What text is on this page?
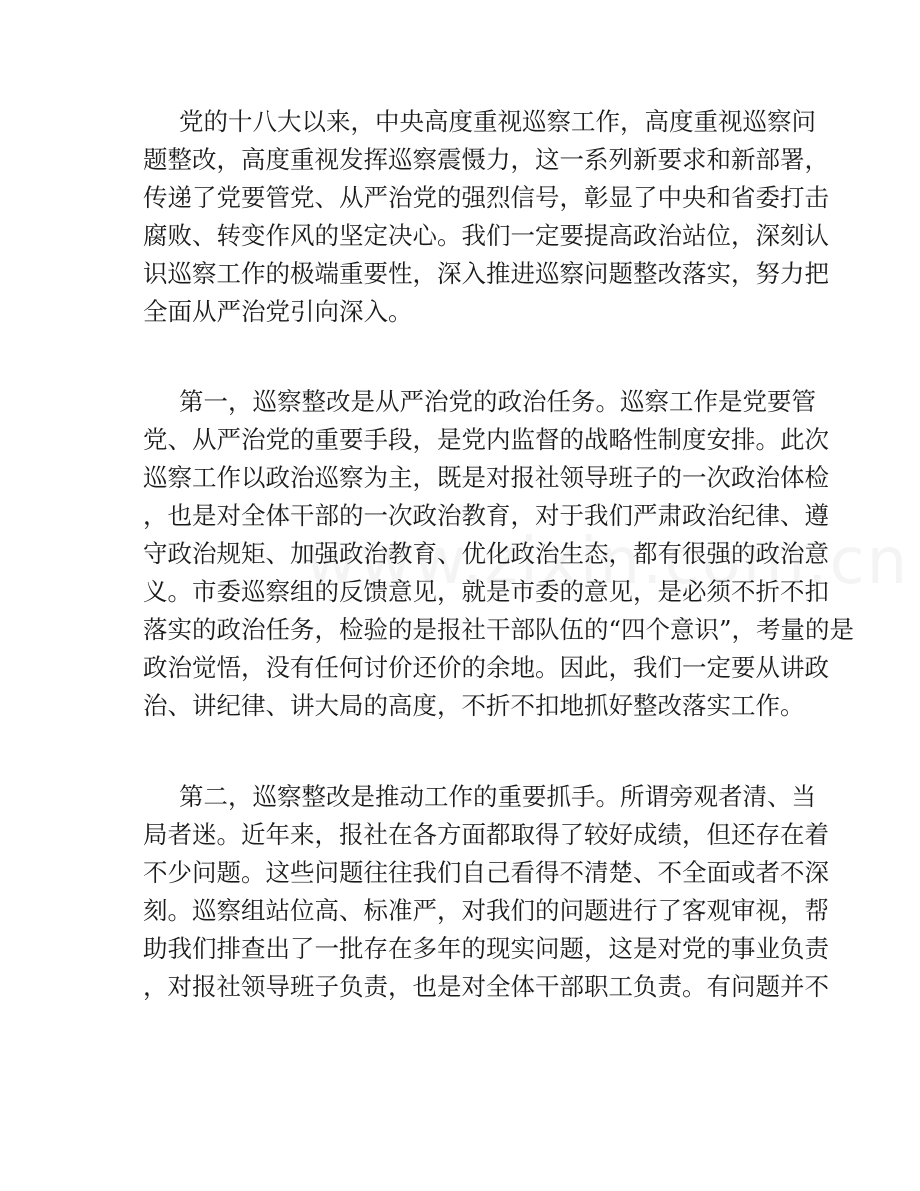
党的十八大以来，中央高度重视巡察工作，高度重视巡察问
题整改，高度重视发挥巡察震慑力，这一系列新要求和新部署，
传递了党要管党、从严治党的强烈信号，彰显了中央和省委打击
腐败、转变作风的坚定决心。我们一定要提高政治站位，深刻认
识巡察工作的极端重要性，深入推进巡察问题整改落实，努力把
全面从严治党引向深入。
第一，巡察整改是从严治党的政治任务。巡察工作是党要管
党、从严治党的重要手段，是党内监督的战略性制度安排。此次
巡察工作以政治巡察为主，既是对报社领导班子的一次政治体检
，也是对全体干部的一次政治教育，对于我们严肃政治纪律、遵
守政治规矩、加强政治教育、优化政治生态，都有很强的政治意
义。市委巡察组的反馈意见，就是市委的意见，是必须不折不扣
落实的政治任务，检验的是报社干部队伍的“四个意识”，考量的是
政治觉悟，没有任何讨价还价的余地。因此，我们一定要从讲政
治、讲纪律、讲大局的高度，不折不扣地抓好整改落实工作。
第二，巡察整改是推动工作的重要抓手。所谓旁观者清、当
局者迷。近年来，报社在各方面都取得了较好成绩，但还存在着
不少问题。这些问题往往我们自己看得不清楚、不全面或者不深
刻。巡察组站位高、标准严，对我们的问题进行了客观审视，帮
助我们排查出了一批存在多年的现实问题，这是对党的事业负责
，对报社领导班子负责，也是对全体干部职工负责。有问题并不
